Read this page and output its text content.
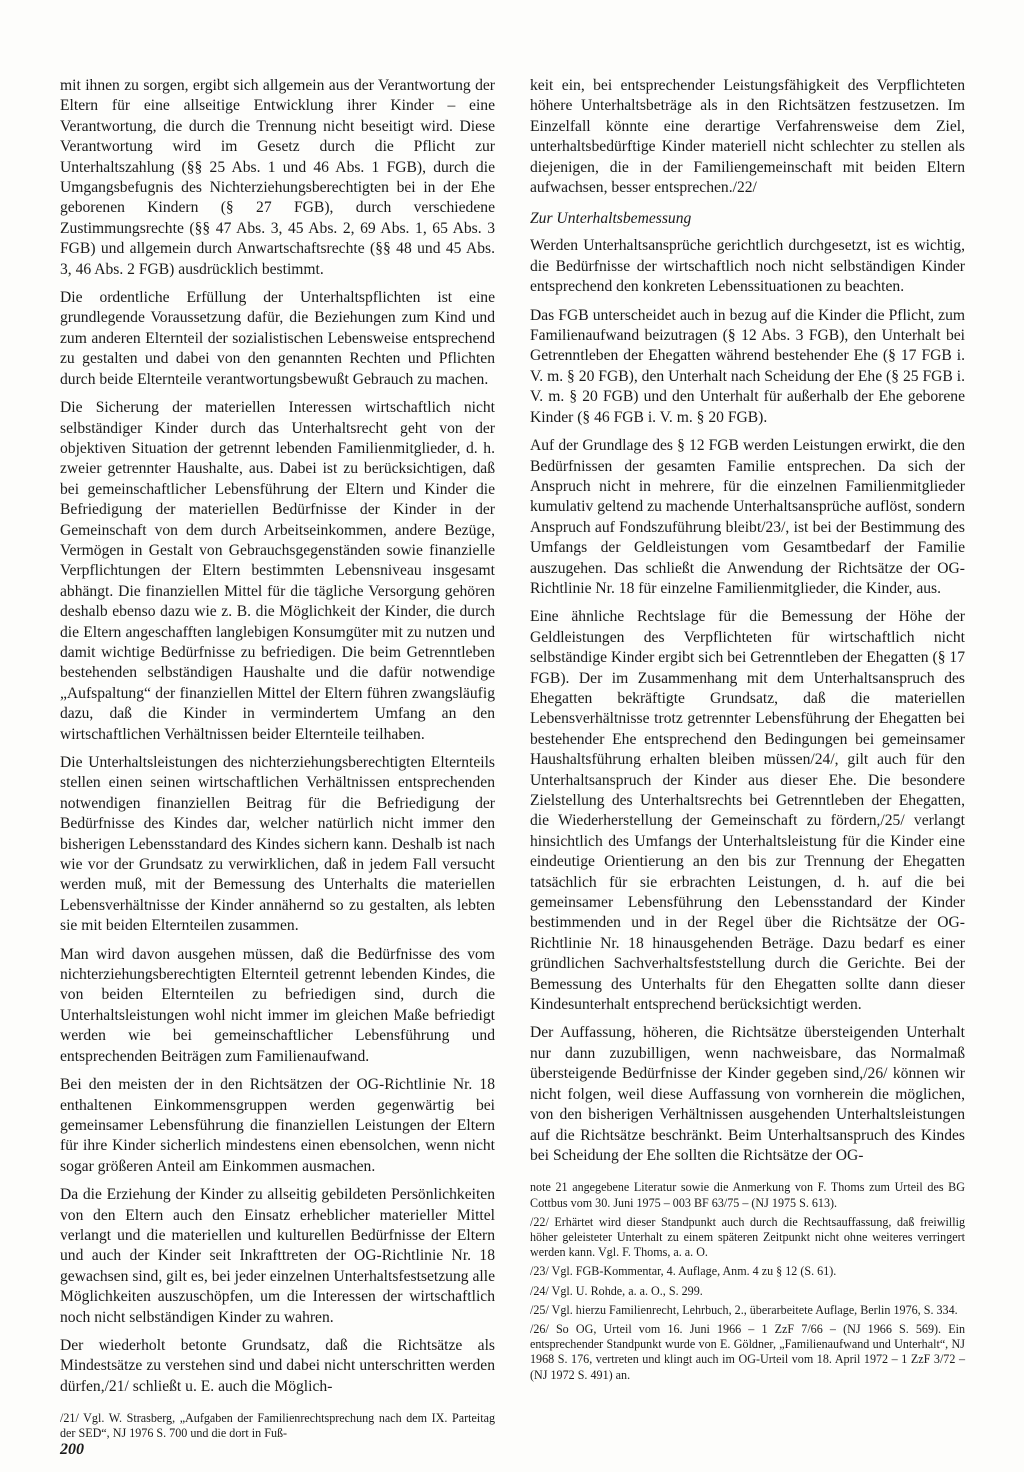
mit ihnen zu sorgen, ergibt sich allgemein aus der Verantwortung der Eltern für eine allseitige Entwicklung ihrer Kinder – eine Verantwortung, die durch die Trennung nicht beseitigt wird. Diese Verantwortung wird im Gesetz durch die Pflicht zur Unterhaltszahlung (§§ 25 Abs. 1 und 46 Abs. 1 FGB), durch die Umgangsbefugnis des Nichterziehungsberechtigten bei in der Ehe geborenen Kindern (§ 27 FGB), durch verschiedene Zustimmungsrechte (§§ 47 Abs. 3, 45 Abs. 2, 69 Abs. 1, 65 Abs. 3 FGB) und allgemein durch Anwartschaftsrechte (§§ 48 und 45 Abs. 3, 46 Abs. 2 FGB) ausdrücklich bestimmt.

Die ordentliche Erfüllung der Unterhaltspflichten ist eine grundlegende Voraussetzung dafür, die Beziehungen zum Kind und zum anderen Elternteil der sozialistischen Lebensweise entsprechend zu gestalten und dabei von den genannten Rechten und Pflichten durch beide Elternteile verantwortungsbewußt Gebrauch zu machen.

Die Sicherung der materiellen Interessen wirtschaftlich nicht selbständiger Kinder durch das Unterhaltsrecht geht von der objektiven Situation der getrennt lebenden Familienmitglieder, d. h. zweier getrennter Haushalte, aus. Dabei ist zu berücksichtigen, daß bei gemeinschaftlicher Lebensführung der Eltern und Kinder die Befriedigung der materiellen Bedürfnisse der Kinder in der Gemeinschaft von dem durch Arbeitseinkommen, andere Bezüge, Vermögen in Gestalt von Gebrauchsgegenständen sowie finanzielle Verpflichtungen der Eltern bestimmten Lebensniveau insgesamt abhängt. Die finanziellen Mittel für die tägliche Versorgung gehören deshalb ebenso dazu wie z. B. die Möglichkeit der Kinder, die durch die Eltern angeschafften langlebigen Konsumgüter mit zu nutzen und damit wichtige Bedürfnisse zu befriedigen. Die beim Getrenntleben bestehenden selbständigen Haushalte und die dafür notwendige „Aufspaltung“ der finanziellen Mittel der Eltern führen zwangsläufig dazu, daß die Kinder in vermindertem Umfang an den wirtschaftlichen Verhältnissen beider Elternteile teilhaben.

Die Unterhaltsleistungen des nichterziehungsberechtigten Elternteils stellen einen seinen wirtschaftlichen Verhältnissen entsprechenden notwendigen finanziellen Beitrag für die Befriedigung der Bedürfnisse des Kindes dar, welcher natürlich nicht immer den bisherigen Lebensstandard des Kindes sichern kann. Deshalb ist nach wie vor der Grundsatz zu verwirklichen, daß in jedem Fall versucht werden muß, mit der Bemessung des Unterhalts die materiellen Lebensverhältnisse der Kinder annähernd so zu gestalten, als lebten sie mit beiden Elternteilen zusammen.

Man wird davon ausgehen müssen, daß die Bedürfnisse des vom nichterziehungsberechtigten Elternteil getrennt lebenden Kindes, die von beiden Elternteilen zu befriedigen sind, durch die Unterhaltsleistungen wohl nicht immer im gleichen Maße befriedigt werden wie bei gemeinschaftlicher Lebensführung und entsprechenden Beiträgen zum Familienaufwand.

Bei den meisten der in den Richtsätzen der OG-Richtlinie Nr. 18 enthaltenen Einkommensgruppen werden gegenwärtig bei gemeinsamer Lebensführung die finanziellen Leistungen der Eltern für ihre Kinder sicherlich mindestens einen ebensolchen, wenn nicht sogar größeren Anteil am Einkommen ausmachen.

Da die Erziehung der Kinder zu allseitig gebildeten Persönlichkeiten von den Eltern auch den Einsatz erheblicher materieller Mittel verlangt und die materiellen und kulturellen Bedürfnisse der Eltern und auch der Kinder seit Inkrafttreten der OG-Richtlinie Nr. 18 gewachsen sind, gilt es, bei jeder einzelnen Unterhaltsfestsetzung alle Möglichkeiten auszuschöpfen, um die Interessen der wirtschaftlich noch nicht selbständigen Kinder zu wahren.

Der wiederholt betonte Grundsatz, daß die Richtsätze als Mindestsätze zu verstehen sind und dabei nicht unterschritten werden dürfen,/21/ schließt u. E. auch die Möglich-

/21/ Vgl. W. Strasberg, „Aufgaben der Familienrechtsprechung nach dem IX. Parteitag der SED“, NJ 1976 S. 700 und die dort in Fuß-

keit ein, bei entsprechender Leistungsfähigkeit des Verpflichteten höhere Unterhaltsbeträge als in den Richtsätzen festzusetzen. Im Einzelfall könnte eine derartige Verfahrensweise dem Ziel, unterhaltsbedürftige Kinder materiell nicht schlechter zu stellen als diejenigen, die in der Familiengemeinschaft mit beiden Eltern aufwachsen, besser entsprechen./22/

Zur Unterhaltsbemessung

Werden Unterhaltsansprüche gerichtlich durchgesetzt, ist es wichtig, die Bedürfnisse der wirtschaftlich noch nicht selbständigen Kinder entsprechend den konkreten Lebenssituationen zu beachten.

Das FGB unterscheidet auch in bezug auf die Kinder die Pflicht, zum Familienaufwand beizutragen (§ 12 Abs. 3 FGB), den Unterhalt bei Getrenntleben der Ehegatten während bestehender Ehe (§ 17 FGB i. V. m. § 20 FGB), den Unterhalt nach Scheidung der Ehe (§ 25 FGB i. V. m. § 20 FGB) und den Unterhalt für außerhalb der Ehe geborene Kinder (§ 46 FGB i. V. m. § 20 FGB).

Auf der Grundlage des § 12 FGB werden Leistungen erwirkt, die den Bedürfnissen der gesamten Familie entsprechen. Da sich der Anspruch nicht in mehrere, für die einzelnen Familienmitglieder kumulativ geltend zu machende Unterhaltsansprüche auflöst, sondern Anspruch auf Fondszuführung bleibt/23/, ist bei der Bestimmung des Umfangs der Geldleistungen vom Gesamtbedarf der Familie auszugehen. Das schließt die Anwendung der Richtsätze der OG-Richtlinie Nr. 18 für einzelne Familienmitglieder, die Kinder, aus.

Eine ähnliche Rechtslage für die Bemessung der Höhe der Geldleistungen des Verpflichteten für wirtschaftlich nicht selbständige Kinder ergibt sich bei Getrenntleben der Ehegatten (§ 17 FGB). Der im Zusammenhang mit dem Unterhaltsanspruch des Ehegatten bekräftigte Grundsatz, daß die materiellen Lebensverhältnisse trotz getrennter Lebensführung der Ehegatten bei bestehender Ehe entsprechend den Bedingungen bei gemeinsamer Haushaltsführung erhalten bleiben müssen/24/, gilt auch für den Unterhaltsanspruch der Kinder aus dieser Ehe. Die besondere Zielstellung des Unterhaltsrechts bei Getrenntleben der Ehegatten, die Wiederherstellung der Gemeinschaft zu fördern,/25/ verlangt hinsichtlich des Umfangs der Unterhaltsleistung für die Kinder eine eindeutige Orientierung an den bis zur Trennung der Ehegatten tatsächlich für sie erbrachten Leistungen, d. h. auf die bei gemeinsamer Lebensführung den Lebensstandard der Kinder bestimmenden und in der Regel über die Richtsätze der OG-Richtlinie Nr. 18 hinausgehenden Beträge. Dazu bedarf es einer gründlichen Sachverhaltsfeststellung durch die Gerichte. Bei der Bemessung des Unterhalts für den Ehegatten sollte dann dieser Kindesunterhalt entsprechend berücksichtigt werden.

Der Auffassung, höheren, die Richtsätze übersteigenden Unterhalt nur dann zuzubilligen, wenn nachweisbare, das Normalmaß übersteigende Bedürfnisse der Kinder gegeben sind,/26/ können wir nicht folgen, weil diese Auffassung von vornherein die möglichen, von den bisherigen Verhältnissen ausgehenden Unterhaltsleistungen auf die Richtsätze beschränkt. Beim Unterhaltsanspruch des Kindes bei Scheidung der Ehe sollten die Richtsätze der OG-

note 21 angegebene Literatur sowie die Anmerkung von F. Thoms zum Urteil des BG Cottbus vom 30. Juni 1975 – 003 BF 63/75 – (NJ 1975 S. 613).

/22/ Erhärtet wird dieser Standpunkt auch durch die Rechtsauffassung, daß freiwillig höher geleisteter Unterhalt zu einem späteren Zeitpunkt nicht ohne weiteres verringert werden kann. Vgl. F. Thoms, a. a. O.

/23/ Vgl. FGB-Kommentar, 4. Auflage, Anm. 4 zu § 12 (S. 61).

/24/ Vgl. U. Rohde, a. a. O., S. 299.

/25/ Vgl. hierzu Familienrecht, Lehrbuch, 2., überarbeitete Auflage, Berlin 1976, S. 334.

/26/ So OG, Urteil vom 16. Juni 1966 – 1 ZzF 7/66 – (NJ 1966 S. 569). Ein entsprechender Standpunkt wurde von E. Göldner, „Familienaufwand und Unterhalt“, NJ 1968 S. 176, vertreten und klingt auch im OG-Urteil vom 18. April 1972 – 1 ZzF 3/72 – (NJ 1972 S. 491) an.

200
